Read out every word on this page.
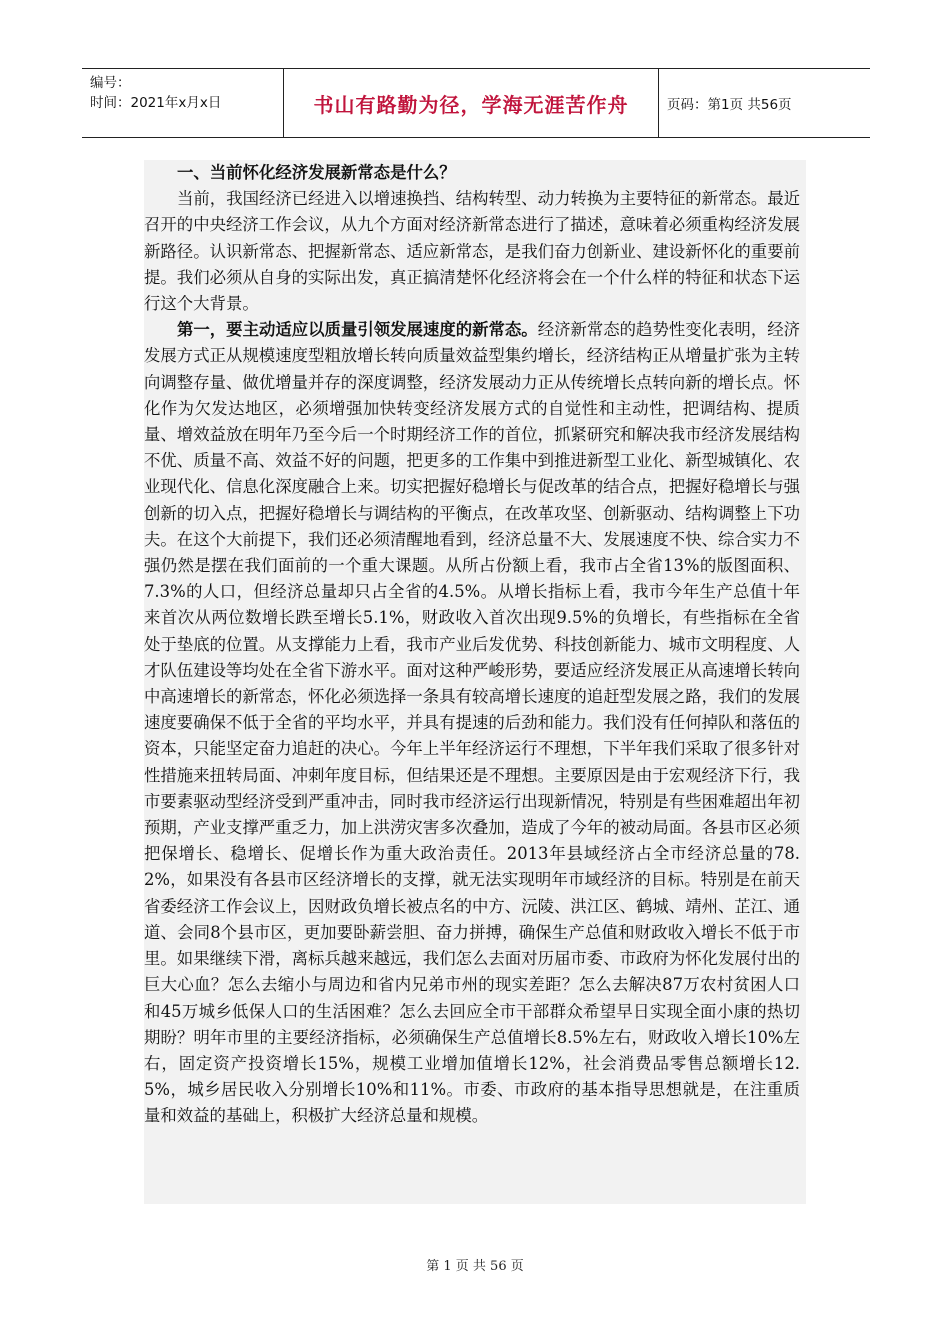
编号：
时间：2021年x月x日	书山有路勤为径，学海无涯苦作舟	页码：第1页 共56页

一、当前怀化经济发展新常态是什么？

当前，我国经济已经进入以增速换挡、结构转型、动力转换为主要特征的新常态。最近召开的中央经济工作会议，从九个方面对经济新常态进行了描述，意味着必须重构经济发展新路径。认识新常态、把握新常态、适应新常态，是我们奋力创新业、建设新怀化的重要前提。我们必须从自身的实际出发，真正搞清楚怀化经济将会在一个什么样的特征和状态下运行这个大背景。

第一，要主动适应以质量引领发展速度的新常态。经济新常态的趋势性变化表明，经济发展方式正从规模速度型粗放增长转向质量效益型集约增长，经济结构正从增量扩张为主转向调整存量、做优增量并存的深度调整，经济发展动力正从传统增长点转向新的增长点。怀化作为欠发达地区，必须增强加快转变经济发展方式的自觉性和主动性，把调结构、提质量、增效益放在明年乃至今后一个时期经济工作的首位，抓紧研究和解决我市经济发展结构不优、质量不高、效益不好的问题，把更多的工作集中到推进新型工业化、新型城镇化、农业现代化、信息化深度融合上来。切实把握好稳增长与促改革的结合点，把握好稳增长与强创新的切入点，把握好稳增长与调结构的平衡点，在改革攻坚、创新驱动、结构调整上下功夫。在这个大前提下，我们还必须清醒地看到，经济总量不大、发展速度不快、综合实力不强仍然是摆在我们面前的一个重大课题。从所占份额上看，我市占全省13%的版图面积、7.3%的人口，但经济总量却只占全省的4.5%。从增长指标上看，我市今年生产总值十年来首次从两位数增长跌至增长5.1%，财政收入首次出现9.5%的负增长，有些指标在全省处于垫底的位置。从支撑能力上看，我市产业后发优势、科技创新能力、城市文明程度、人才队伍建设等均处在全省下游水平。面对这种严峻形势，要适应经济发展正从高速增长转向中高速增长的新常态，怀化必须选择一条具有较高增长速度的追赶型发展之路，我们的发展速度要确保不低于全省的平均水平，并具有提速的后劲和能力。我们没有任何掉队和落伍的资本，只能坚定奋力追赶的决心。今年上半年经济运行不理想，下半年我们采取了很多针对性措施来扭转局面、冲刺年度目标，但结果还是不理想。主要原因是由于宏观经济下行，我市要素驱动型经济受到严重冲击，同时我市经济运行出现新情况，特别是有些困难超出年初预期，产业支撑严重乏力，加上洪涝灾害多次叠加，造成了今年的被动局面。各县市区必须把保增长、稳增长、促增长作为重大政治责任。2013年县域经济占全市经济总量的78.2%，如果没有各县市区经济增长的支撑，就无法实现明年市域经济的目标。特别是在前天省委经济工作会议上，因财政负增长被点名的中方、沅陵、洪江区、鹤城、靖州、芷江、通道、会同8个县市区，更加要卧薪尝胆、奋力拼搏，确保生产总值和财政收入增长不低于市里。如果继续下滑，离标兵越来越远，我们怎么去面对历届市委、市政府为怀化发展付出的巨大心血？怎么去缩小与周边和省内兄弟市州的现实差距？怎么去解决87万农村贫困人口和45万城乡低保人口的生活困难？怎么去回应全市干部群众希望早日实现全面小康的热切期盼？明年市里的主要经济指标，必须确保生产总值增长8.5%左右，财政收入增长10%左右，固定资产投资增长15%，规模工业增加值增长12%，社会消费品零售总额增长12.5%，城乡居民收入分别增长10%和11%。市委、市政府的基本指导思想就是，在注重质量和效益的基础上，积极扩大经济总量和规模。

第 1 页 共 56 页
